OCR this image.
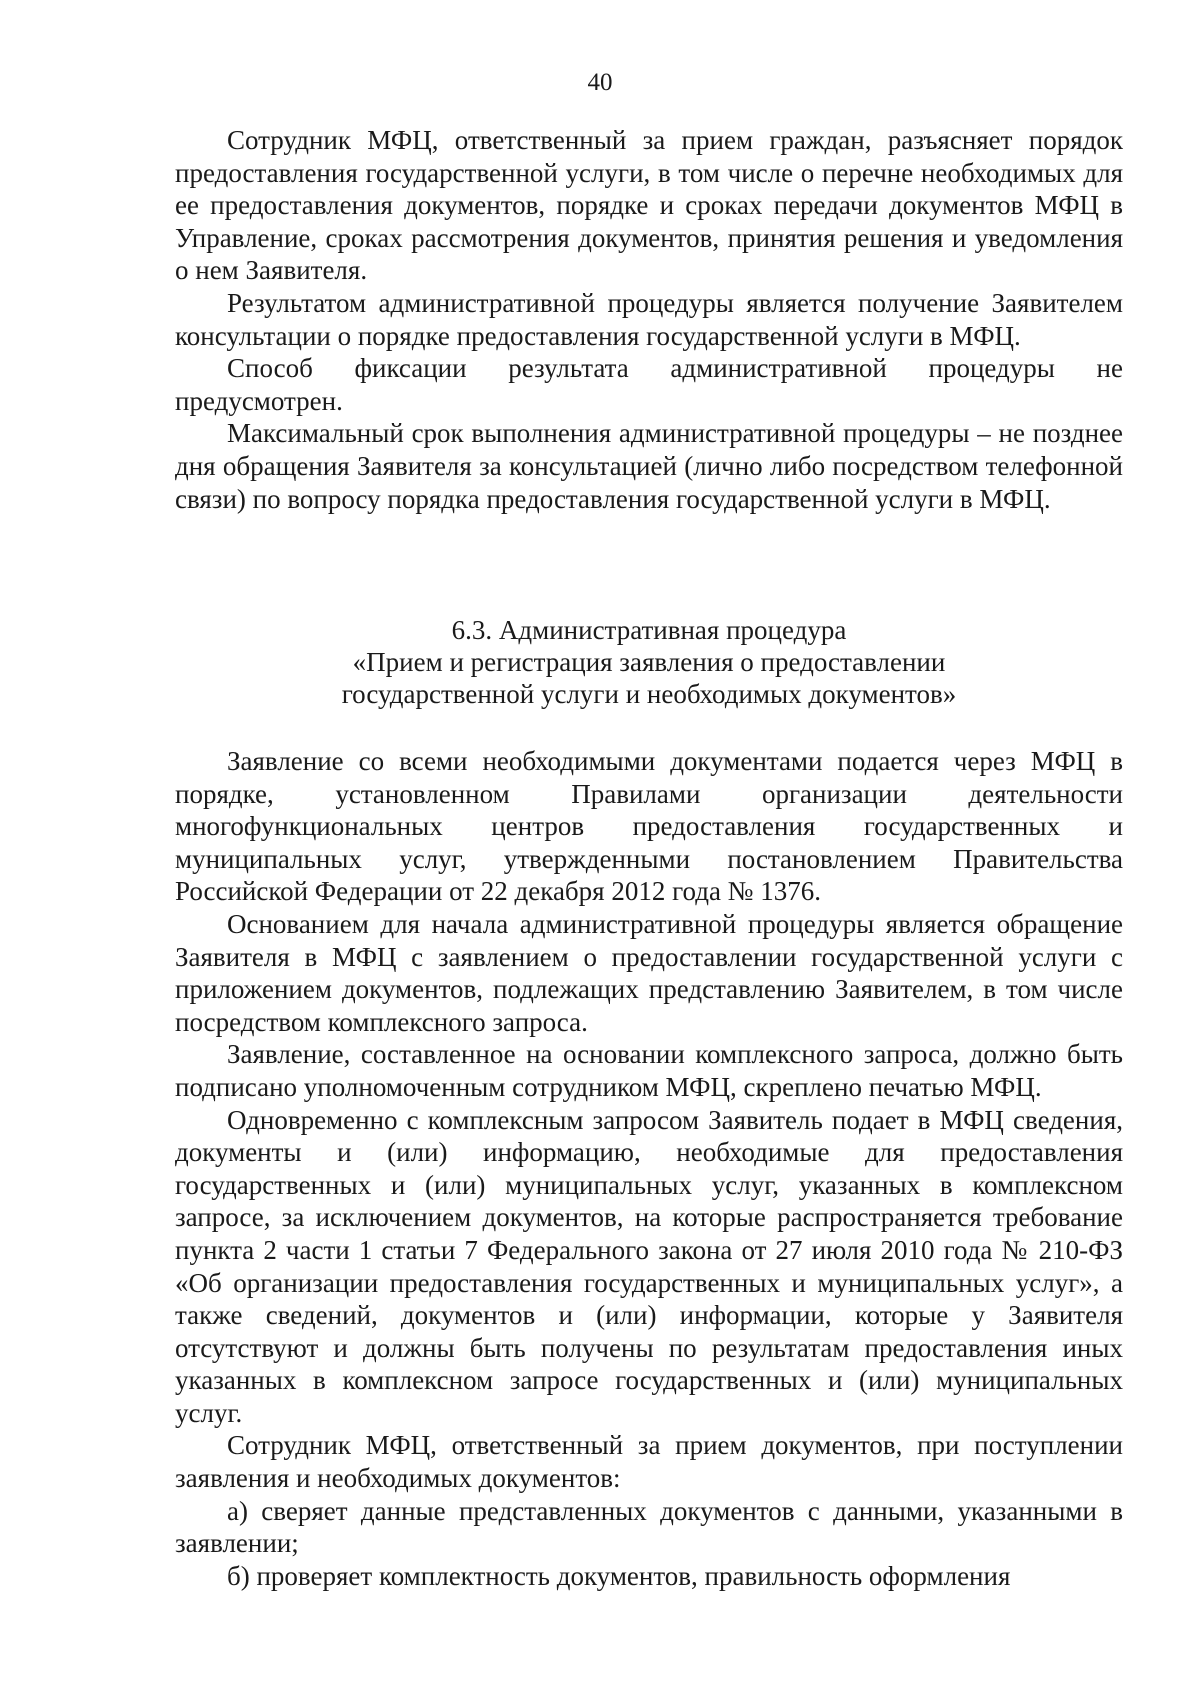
40

Сотрудник МФЦ, ответственный за прием граждан, разъясняет порядок предоставления государственной услуги, в том числе о перечне необходимых для ее предоставления документов, порядке и сроках передачи документов МФЦ в Управление, сроках рассмотрения документов, принятия решения и уведомления о нем Заявителя.

Результатом административной процедуры является получение Заявителем консультации о порядке предоставления государственной услуги в МФЦ.

Способ фиксации результата административной процедуры не предусмотрен.

Максимальный срок выполнения административной процедуры – не позднее дня обращения Заявителя за консультацией (лично либо посредством телефонной связи) по вопросу порядка предоставления государственной услуги в МФЦ.

6.3. Административная процедура
«Прием и регистрация заявления о предоставлении
государственной услуги и необходимых документов»

Заявление со всеми необходимыми документами подается через МФЦ в порядке, установленном Правилами организации деятельности многофункциональных центров предоставления государственных и муниципальных услуг, утвержденными постановлением Правительства Российской Федерации от 22 декабря 2012 года № 1376.

Основанием для начала административной процедуры является обращение Заявителя в МФЦ с заявлением о предоставлении государственной услуги с приложением документов, подлежащих представлению Заявителем, в том числе посредством комплексного запроса.

Заявление, составленное на основании комплексного запроса, должно быть подписано уполномоченным сотрудником МФЦ, скреплено печатью МФЦ.

Одновременно с комплексным запросом Заявитель подает в МФЦ сведения, документы и (или) информацию, необходимые для предоставления государственных и (или) муниципальных услуг, указанных в комплексном запросе, за исключением документов, на которые распространяется требование пункта 2 части 1 статьи 7 Федерального закона от 27 июля 2010 года № 210-ФЗ «Об организации предоставления государственных и муниципальных услуг», а также сведений, документов и (или) информации, которые у Заявителя отсутствуют и должны быть получены по результатам предоставления иных указанных в комплексном запросе государственных и (или) муниципальных услуг.

Сотрудник МФЦ, ответственный за прием документов, при поступлении заявления и необходимых документов:

а) сверяет данные представленных документов с данными, указанными в заявлении;

б) проверяет комплектность документов, правильность оформления
